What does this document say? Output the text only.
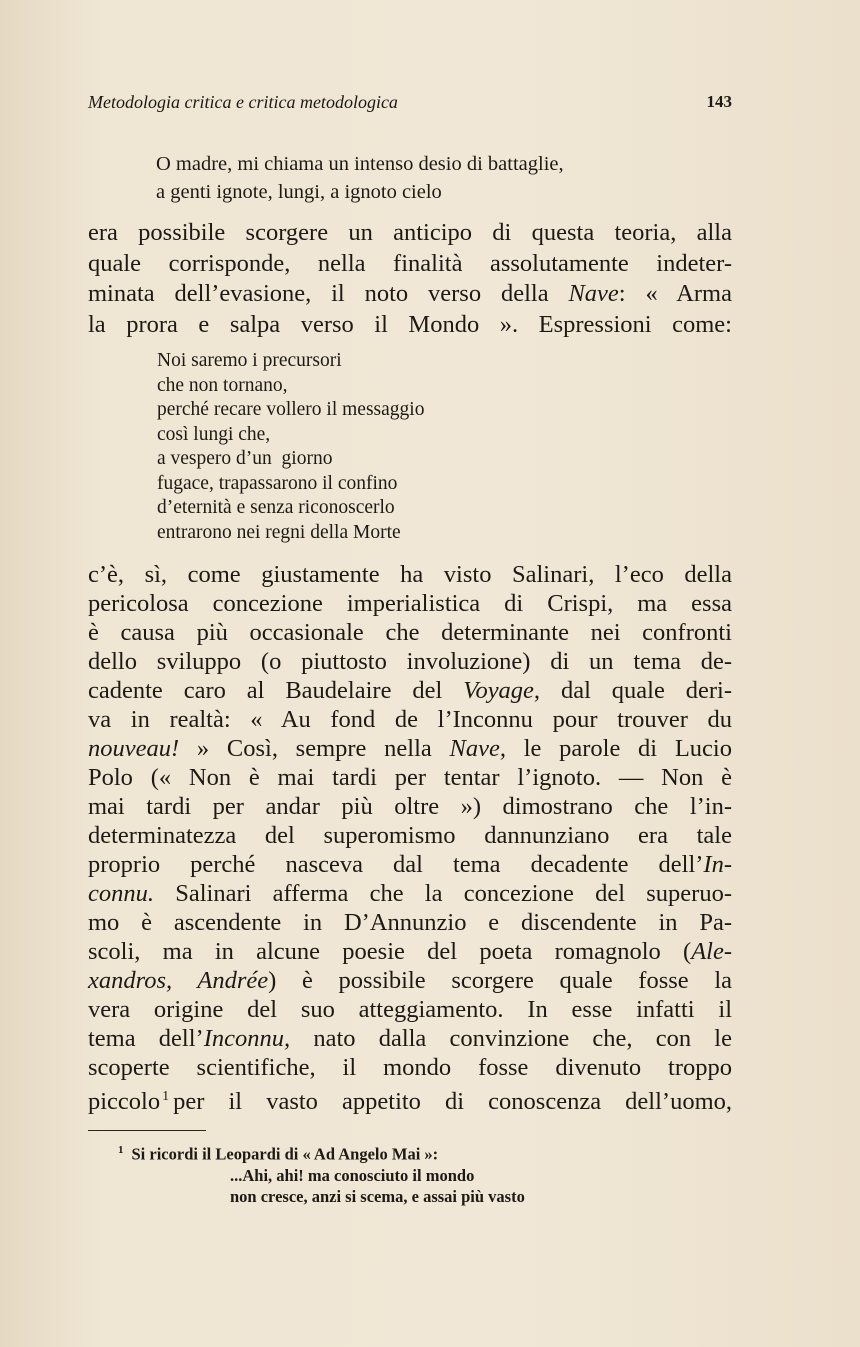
Metodologia critica e critica metodologica	143
O madre, mi chiama un intenso desio di battaglie,
a genti ignote, lungi, a ignoto cielo
era possibile scorgere un anticipo di questa teoria, alla
quale corrisponde, nella finalità assolutamente indeter-
minata dell’evasione, il noto verso della Nave: « Arma
la prora e salpa verso il Mondo ». Espressioni come:
Noi saremo i precursori
che non tornano,
perché recare vollero il messaggio
così lungi che,
a vespero d’un  giorno
fugace, trapassarono il confino
d’eternità e senza riconoscerlo
entrarono nei regni della Morte
c’è, sì, come giustamente ha visto Salinari, l’eco della
pericolosa concezione imperialistica di Crispi, ma essa
è causa più occasionale che determinante nei confronti
dello sviluppo (o piuttosto involuzione) di un tema de-
cadente caro al Baudelaire del Voyage, dal quale deri-
va in realtà: « Au fond de l’Inconnu pour trouver du
nouveau! » Così, sempre nella Nave, le parole di Lucio
Polo (« Non è mai tardi per tentar l’ignoto. — Non è
mai tardi per andar più oltre ») dimostrano che l’in-
determinatezza del superomismo dannunziano era tale
proprio perché nasceva dal tema decadente dell’In-
connu. Salinari afferma che la concezione del superuo-
mo è ascendente in D’Annunzio e discendente in Pa-
scoli, ma in alcune poesie del poeta romagnolo (Ale-
xandros, Andrée) è possibile scorgere quale fosse la
vera origine del suo atteggiamento. In esse infatti il
tema dell’Inconnu, nato dalla convinzione che, con le
scoperte scientifiche, il mondo fosse divenuto troppo
piccolo $^1$ per il vasto appetito di conoscenza dell’uomo,
$^1$ Si ricordi il Leopardi di « Ad Angelo Mai »:
...Ahi, ahi! ma conosciuto il mondo
non cresce, anzi si scema, e assai più vasto
